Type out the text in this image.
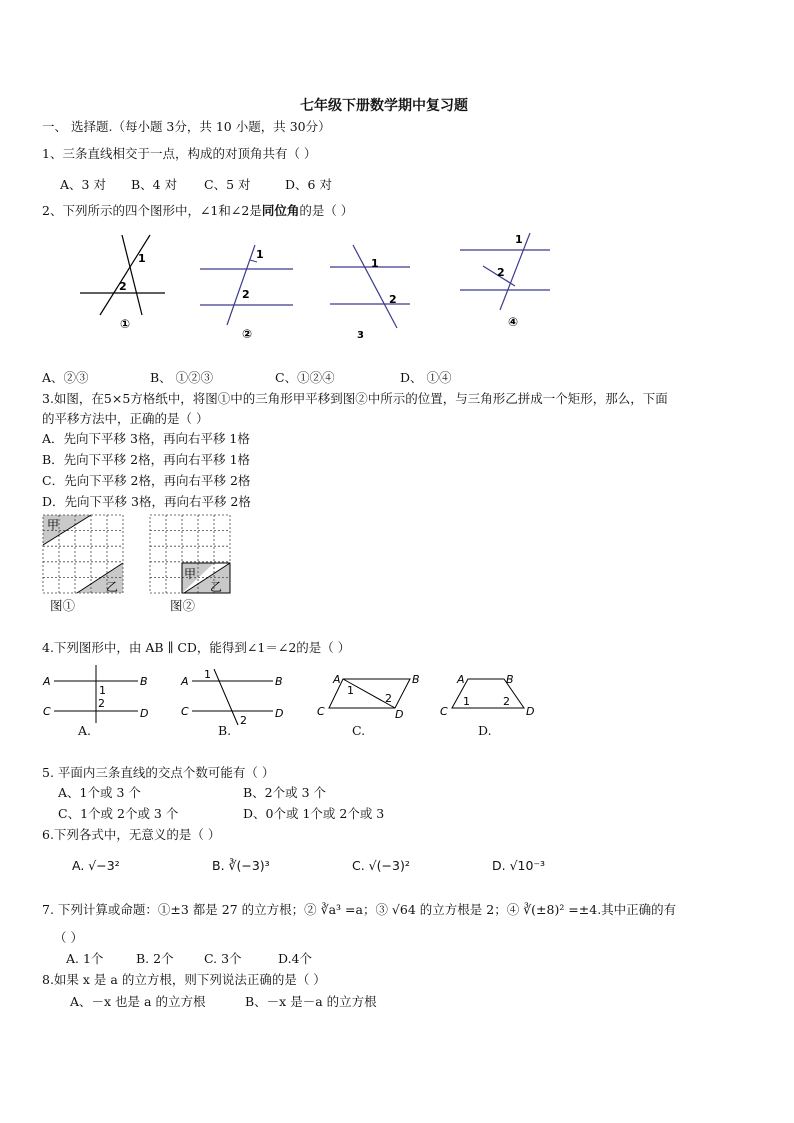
七年级下册数学期中复习题
一、 选择题.（每小题 3分，共 10 小题，共 30分）
1、三条直线相交于一点，构成的对顶角共有（ ）
A、3 对 B、4 对 C、5 对	D、6 对
2、下列所示的四个图形中，∠1和∠2是同位角的是（ ）
1
2
①
1
2
②
1
2
3
1
2
④
A、②③	B、 ①②③	C、①②④	D、 ①④
3.如图，在5×5方格纸中，将图①中的三角形甲平移到图②中所示的位置，与三角形乙拼成一个矩形，那么，下面
的平移方法中，正确的是（ ）
A．先向下平移 3格，再向右平移 1格
B．先向下平移 2格，再向右平移 1格
C．先向下平移 2格，再向右平移 2格
D．先向下平移 3格，再向右平移 2格
甲
乙
图①
甲
乙
图②
4.下列图形中，由 AB ∥ CD，能得到∠1＝∠2的是（ ）
A	B
C	D
1
2
A.
A	B
C	D
1
2
B.
A	B
C	D
1
2
C.
A	B
C	D
1	2
D.
5. 平面内三条直线的交点个数可能有（ ）
A、1个或 3 个	B、2个或 3 个
C、1个或 2个或 3 个	D、0个或 1个或 2个或 3
6.下列各式中，无意义的是（ ）
A. √−3²	B. ∛(−3)³	C. √(−3)²	D. √10⁻³
7. 下列计算或命题：①±3 都是 27 的立方根；② ∛a³ =a；③ √64 的立方根是 2；④ ∛(±8)² =±4.其中正确的有
（ ）
A. 1个	B. 2个 C. 3个	D.4个
8.如果 x 是 a 的立方根，则下列说法正确的是（ ）
A、－x 也是 a 的立方根	B、－x 是－a 的立方根
